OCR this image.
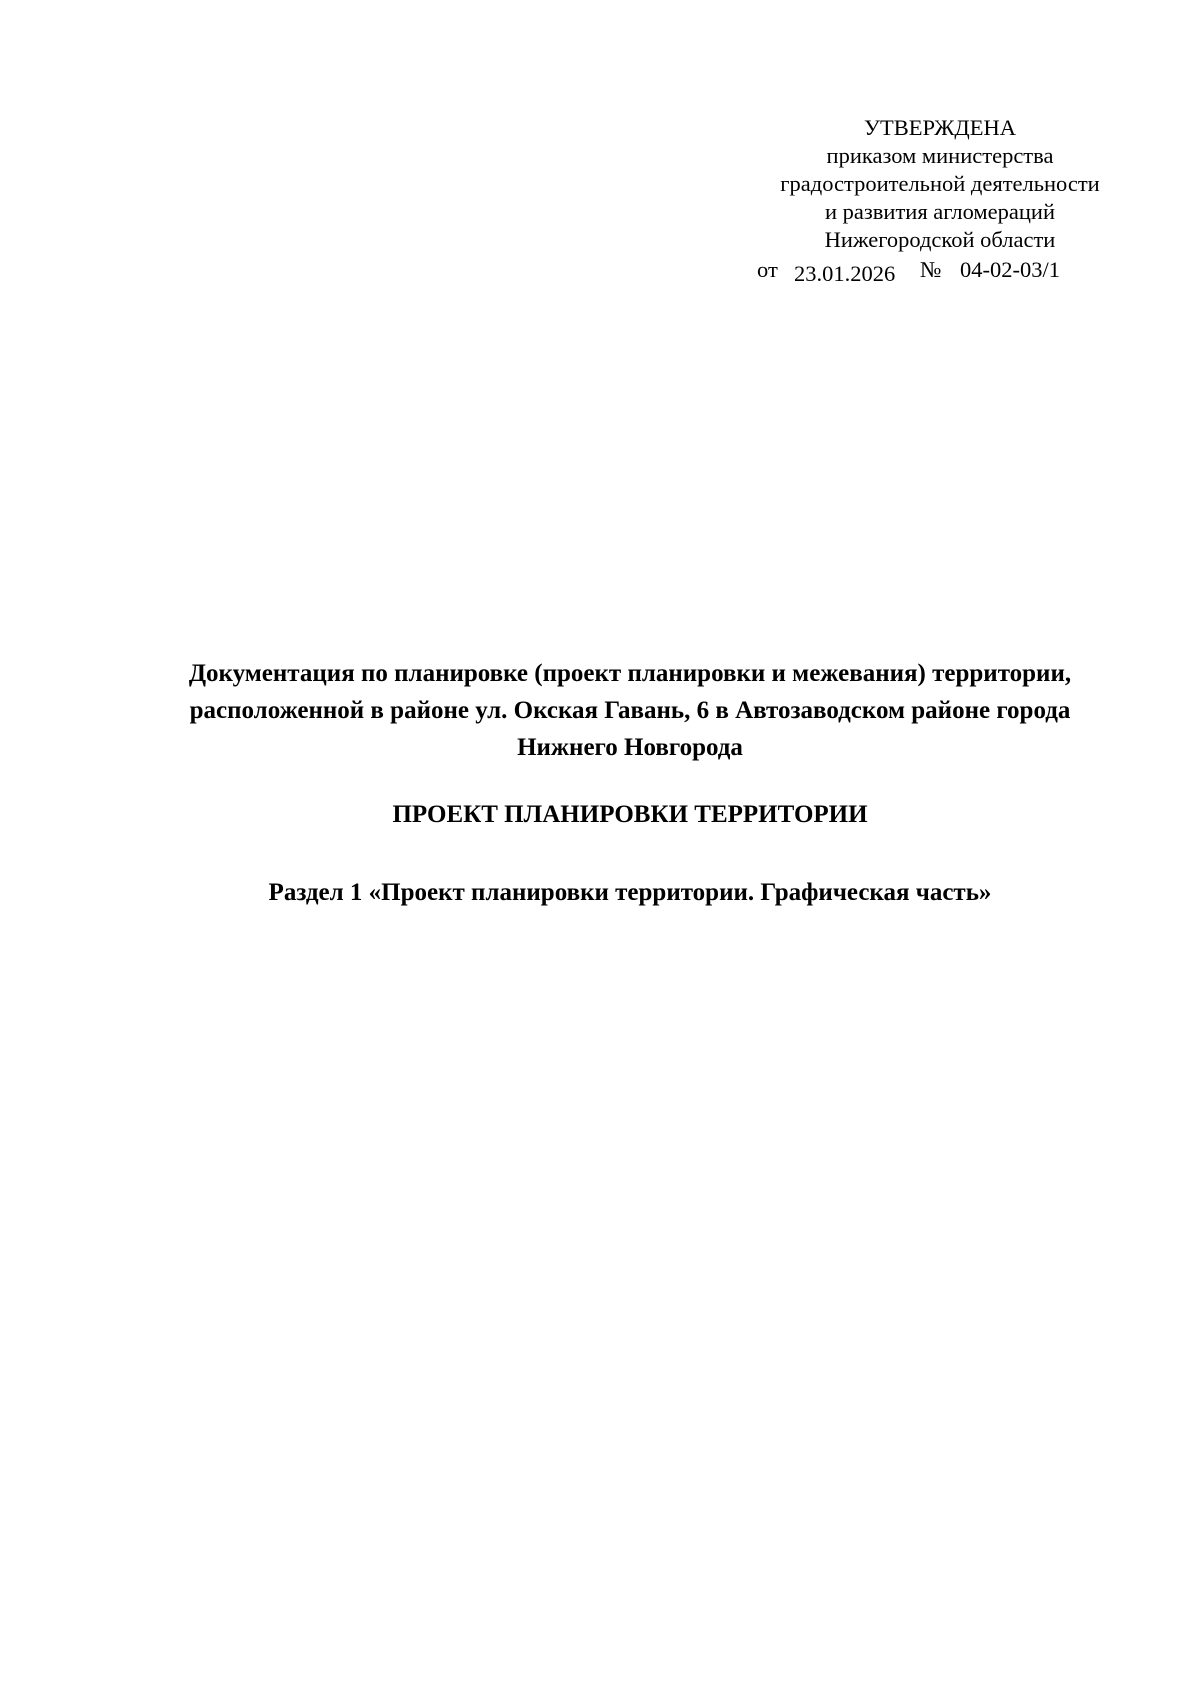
УТВЕРЖДЕНА
приказом министерства
градостроительной деятельности
и развития агломераций
Нижегородской области
от 23.01.2026 № 04-02-03/1
Документация по планировке (проект планировки и межевания) территории,
расположенной в районе ул. Окская Гавань, 6 в Автозаводском районе города
Нижнего Новгорода
ПРОЕКТ ПЛАНИРОВКИ ТЕРРИТОРИИ
Раздел 1 «Проект планировки территории. Графическая часть»
